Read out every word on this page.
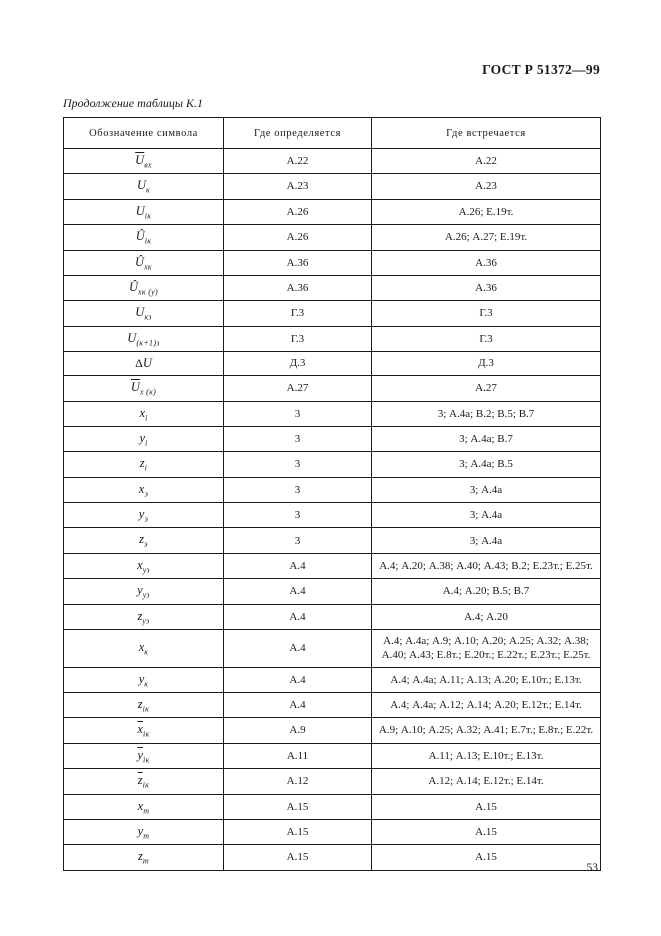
ГОСТ Р 51372—99
Продолжение таблицы К.1
Обозначение символа	Где определяется	Где встречается
$\overline{U}_{вх}$	А.22	А.22
$U_к$	А.23	А.23
$U_{iк}$	А.26	А.26; Е.19т.
$Û_{iк}$	А.26	А.26; А.27; Е.19т.
$Û_{хк}$	А.36	А.36
$Û_{хк (у)}$	А.36	А.36
$U_{кз}$	Г.3	Г.3
$U_{(к+1)з}$	Г.3	Г.3
ΔU	Д.3	Д.3
$\overline{U}_{х (к)}$	А.27	А.27
$x_i$	3	3; А.4а; В.2; В.5; В.7
$y_i$	3	3; А.4а; В.7
$z_i$	3	3; А.4а; В.5
$x_э$	3	3; А.4а
$y_э$	3	3; А.4а
$z_э$	3	3; А.4а
$x_{уз}$	А.4	А.4; А.20; А.38; А.40; А.43; В.2; Е.23т.; Е.25т.
$y_{уз}$	А.4	А.4; А.20; В.5; В.7
$z_{уз}$	А.4	А.4; А.20
$x_к$	А.4	А.4; А.4а; А.9; А.10; А.20; А.25; А.32; А.38; А.40; А.43; Е.8т.; Е.20т.; Е.22т.; Е.23т.; Е.25т.
$y_к$	А.4	А.4; А.4а; А.11; А.13; А.20; Е.10т.; Е.13т.
$z_{iк}$	А.4	А.4; А.4а; А.12; А.14; А.20; Е.12т.; Е.14т.
$\overline{x}_{iк}$	А.9	А.9; А.10; А.25; А.32; А.41; Е.7т.; Е.8т.; Е.22т.
$\overline{y}_{iк}$	А.11	А.11; А.13; Е.10т.; Е.13т.
$\overline{z}_{iк}$	А.12	А.12; А.14; Е.12т.; Е.14т.
$x_т$	А.15	А.15
$y_т$	А.15	А.15
$z_т$	А.15	А.15
53
